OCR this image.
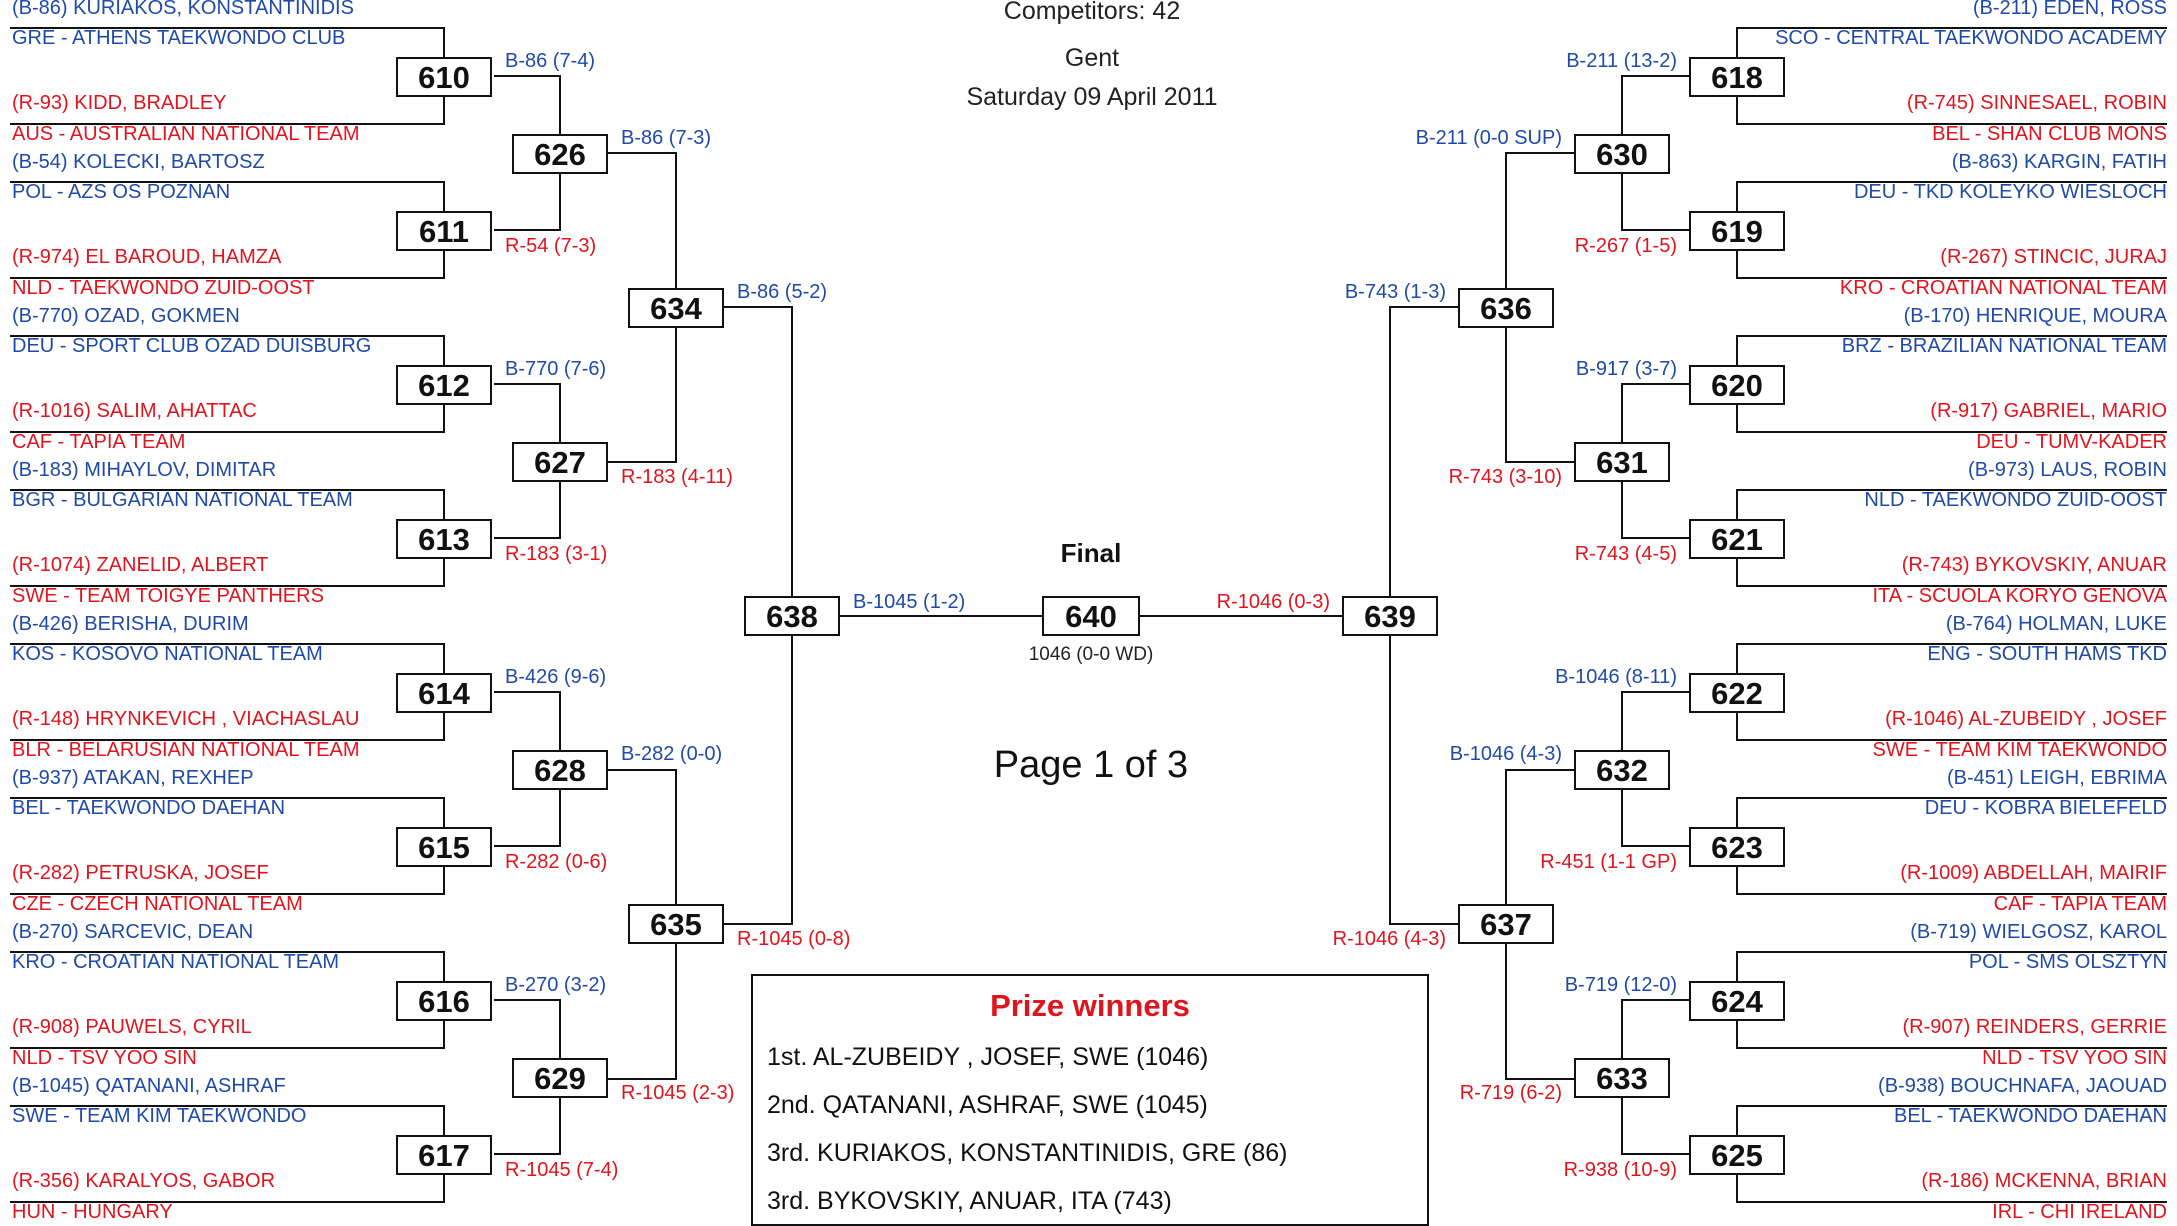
Competitors: 42
Gent
Saturday 09 April 2011
(B-86) KURIAKOS, KONSTANTINIDIS
GRE - ATHENS TAEKWONDO CLUB
(R-93) KIDD, BRADLEY
AUS - AUSTRALIAN NATIONAL TEAM
(B-54) KOLECKI, BARTOSZ
POL - AZS OS POZNAN
(R-974) EL BAROUD, HAMZA
NLD - TAEKWONDO ZUID-OOST
(B-770) OZAD, GOKMEN
DEU - SPORT CLUB OZAD DUISBURG
(R-1016) SALIM, AHATTAC
CAF - TAPIA TEAM
(B-183) MIHAYLOV, DIMITAR
BGR - BULGARIAN NATIONAL TEAM
(R-1074) ZANELID, ALBERT
SWE - TEAM TOIGYE PANTHERS
(B-426) BERISHA, DURIM
KOS - KOSOVO NATIONAL TEAM
(R-148) HRYNKEVICH , VIACHASLAU
BLR - BELARUSIAN NATIONAL TEAM
(B-937) ATAKAN, REXHEP
BEL - TAEKWONDO DAEHAN
(R-282) PETRUSKA, JOSEF
CZE - CZECH NATIONAL TEAM
(B-270) SARCEVIC, DEAN
KRO - CROATIAN NATIONAL TEAM
(R-908) PAUWELS, CYRIL
NLD - TSV YOO SIN
(B-1045) QATANANI, ASHRAF
SWE - TEAM KIM TAEKWONDO
(R-356) KARALYOS, GABOR
HUN - HUNGARY
(B-211) EDEN, ROSS
SCO - CENTRAL TAEKWONDO ACADEMY
(R-745) SINNESAEL, ROBIN
BEL - SHAN CLUB MONS
(B-863) KARGIN, FATIH
DEU - TKD KOLEYKO WIESLOCH
(R-267) STINCIC, JURAJ
KRO - CROATIAN NATIONAL TEAM
(B-170) HENRIQUE, MOURA
BRZ - BRAZILIAN NATIONAL TEAM
(R-917) GABRIEL, MARIO
DEU - TUMV-KADER
(B-973) LAUS, ROBIN
NLD - TAEKWONDO ZUID-OOST
(R-743) BYKOVSKIY, ANUAR
ITA - SCUOLA KORYO GENOVA
(B-764) HOLMAN, LUKE
ENG - SOUTH HAMS TKD
(R-1046) AL-ZUBEIDY , JOSEF
SWE - TEAM KIM TAEKWONDO
(B-451) LEIGH, EBRIMA
DEU - KOBRA BIELEFELD
(R-1009) ABDELLAH, MAIRIF
CAF - TAPIA TEAM
(B-719) WIELGOSZ, KAROL
POL - SMS OLSZTYN
(R-907) REINDERS, GERRIE
NLD - TSV YOO SIN
(B-938) BOUCHNAFA, JAOUAD
BEL - TAEKWONDO DAEHAN
(R-186) MCKENNA, BRIAN
IRL - CHI IRELAND
610
611
612
613
614
615
616
617
626
627
628
629
634
635
638	640	639
636
637
630
631
632
633
618
619
620
621
622
623
624
625
B-86 (7-4)
R-54 (7-3)
B-770 (7-6)
R-183 (3-1)
B-426 (9-6)
R-282 (0-6)
B-270 (3-2)
R-1045 (7-4)
B-86 (7-3)
R-183 (4-11)
B-282 (0-0)
R-1045 (2-3)
B-86 (5-2)
R-1045 (0-8)
B-1045 (1-2)
Final
1046 (0-0 WD)
Page 1 of 3
R-1046 (0-3)
B-743 (1-3)
R-1046 (4-3)
B-211 (0-0 SUP)
R-743 (3-10)
B-1046 (4-3)
R-719 (6-2)
B-211 (13-2)
R-267 (1-5)
B-917 (3-7)
R-743 (4-5)
B-1046 (8-11)
R-451 (1-1 GP)
B-719 (12-0)
R-938 (10-9)
Prize winners
1st. AL-ZUBEIDY , JOSEF, SWE (1046)
2nd. QATANANI, ASHRAF, SWE (1045)
3rd. KURIAKOS, KONSTANTINIDIS, GRE (86)
3rd. BYKOVSKIY, ANUAR, ITA (743)
